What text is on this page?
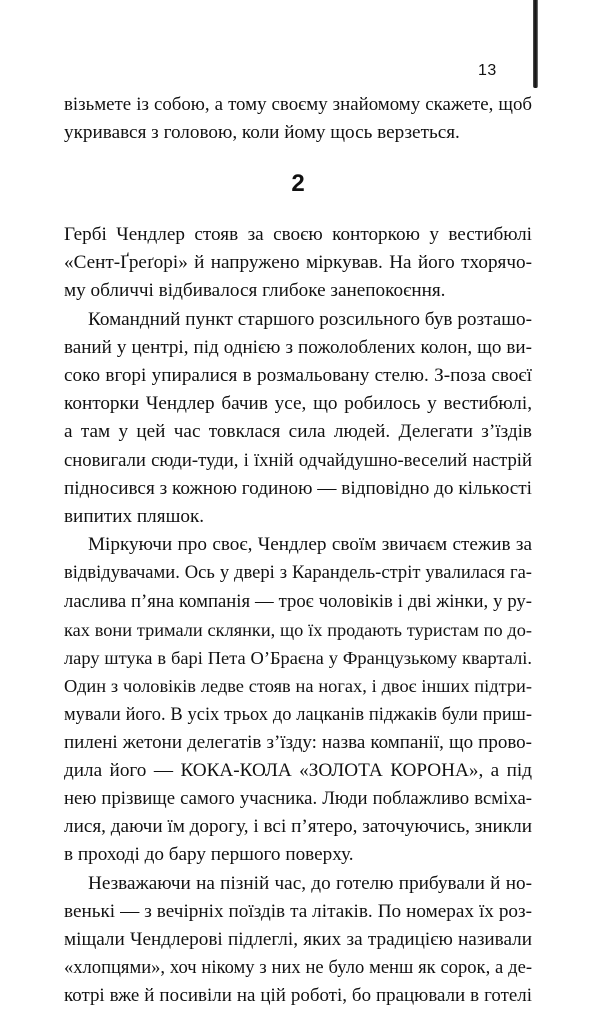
13
візьмете із собою, а тому своєму знайомому скажете, щоб
укривався з головою, коли йому щось верзеться.
2
Гербі Чендлер стояв за своєю конторкою у вестибюлі
«Сент-Ґреґорі» й напружено міркував. На його тхорячо-
му обличчі відбивалося глибоке занепокоєння.
Командний пункт старшого розсильного був розташо-
ваний у центрі, під однією з пожолоблених колон, що ви-
соко вгорі упиралися в розмальовану стелю. З-поза своєї
конторки Чендлер бачив усе, що робилось у вестибюлі,
а там у цей час товклася сила людей. Делегати з’їздів
сновигали сюди-туди, і їхній одчайдушно-веселий настрій
підносився з кожною годиною — відповідно до кількості
випитих пляшок.
Міркуючи про своє, Чендлер своїм звичаєм стежив за
відвідувачами. Ось у двері з Карандель-стріт увалилася га-
ласлива п’яна компанія — троє чоловіків і дві жінки, у ру-
ках вони тримали склянки, що їх продають туристам по до-
лару штука в барі Пета О’Браєна у Французькому кварталі.
Один з чоловіків ледве стояв на ногах, і двоє інших підтри-
мували його. В усіх трьох до лацканів піджаків були приш-
пилені жетони делегатів з’їзду: назва компанії, що прово-
дила його — КОКА-КОЛА «ЗОЛОТА КОРОНА», а під
нею прізвище самого учасника. Люди поблажливо всміха-
лися, даючи їм дорогу, і всі п’ятеро, заточуючись, зникли
в проході до бару першого поверху.
Незважаючи на пізній час, до готелю прибували й но-
венькі — з вечірніх поїздів та літаків. По номерах їх роз-
міщали Чендлерові підлеглі, яких за традицією називали
«хлопцями», хоч нікому з них не було менш як сорок, а де-
котрі вже й посивіли на цій роботі, бо працювали в готелі
